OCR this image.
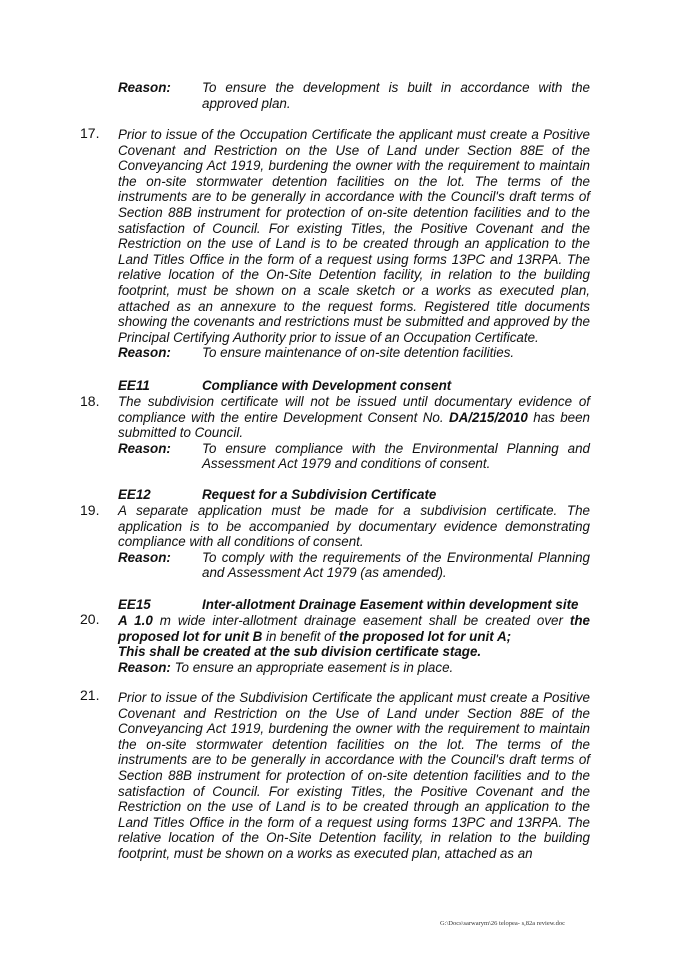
Reason:	To ensure the development is built in accordance with the approved plan.
17. Prior to issue of the Occupation Certificate the applicant must create a Positive Covenant and Restriction on the Use of Land under Section 88E of the Conveyancing Act 1919, burdening the owner with the requirement to maintain the on-site stormwater detention facilities on the lot. The terms of the instruments are to be generally in accordance with the Council's draft terms of Section 88B instrument for protection of on-site detention facilities and to the satisfaction of Council. For existing Titles, the Positive Covenant and the Restriction on the use of Land is to be created through an application to the Land Titles Office in the form of a request using forms 13PC and 13RPA. The relative location of the On-Site Detention facility, in relation to the building footprint, must be shown on a scale sketch or a works as executed plan, attached as an annexure to the request forms. Registered title documents showing the covenants and restrictions must be submitted and approved by the Principal Certifying Authority prior to issue of an Occupation Certificate.
Reason:	To ensure maintenance of on-site detention facilities.
EE11	Compliance with Development consent
The subdivision certificate will not be issued until documentary evidence of compliance with the entire Development Consent No. DA/215/2010 has been submitted to Council.
Reason:	To ensure compliance with the Environmental Planning and Assessment Act 1979 and conditions of consent.
18.
EE12	Request for a Subdivision Certificate
A separate application must be made for a subdivision certificate. The application is to be accompanied by documentary evidence demonstrating compliance with all conditions of consent.
Reason:	To comply with the requirements of the Environmental Planning and Assessment Act 1979 (as amended).
19.
EE15	Inter-allotment Drainage Easement within development site
A 1.0 m wide inter-allotment drainage easement shall be created over the proposed lot for unit B in benefit of the proposed lot for unit A;
This shall be created at the sub division certificate stage.
Reason: To ensure an appropriate easement is in place.
20.
21. Prior to issue of the Subdivision Certificate the applicant must create a Positive Covenant and Restriction on the Use of Land under Section 88E of the Conveyancing Act 1919, burdening the owner with the requirement to maintain the on-site stormwater detention facilities on the lot. The terms of the instruments are to be generally in accordance with the Council's draft terms of Section 88B instrument for protection of on-site detention facilities and to the satisfaction of Council. For existing Titles, the Positive Covenant and the Restriction on the use of Land is to be created through an application to the Land Titles Office in the form of a request using forms 13PC and 13RPA. The relative location of the On-Site Detention facility, in relation to the building footprint, must be shown on a works as executed plan, attached as an
G:\Docs\sarwarym\26 telopea- s,82a review.doc
